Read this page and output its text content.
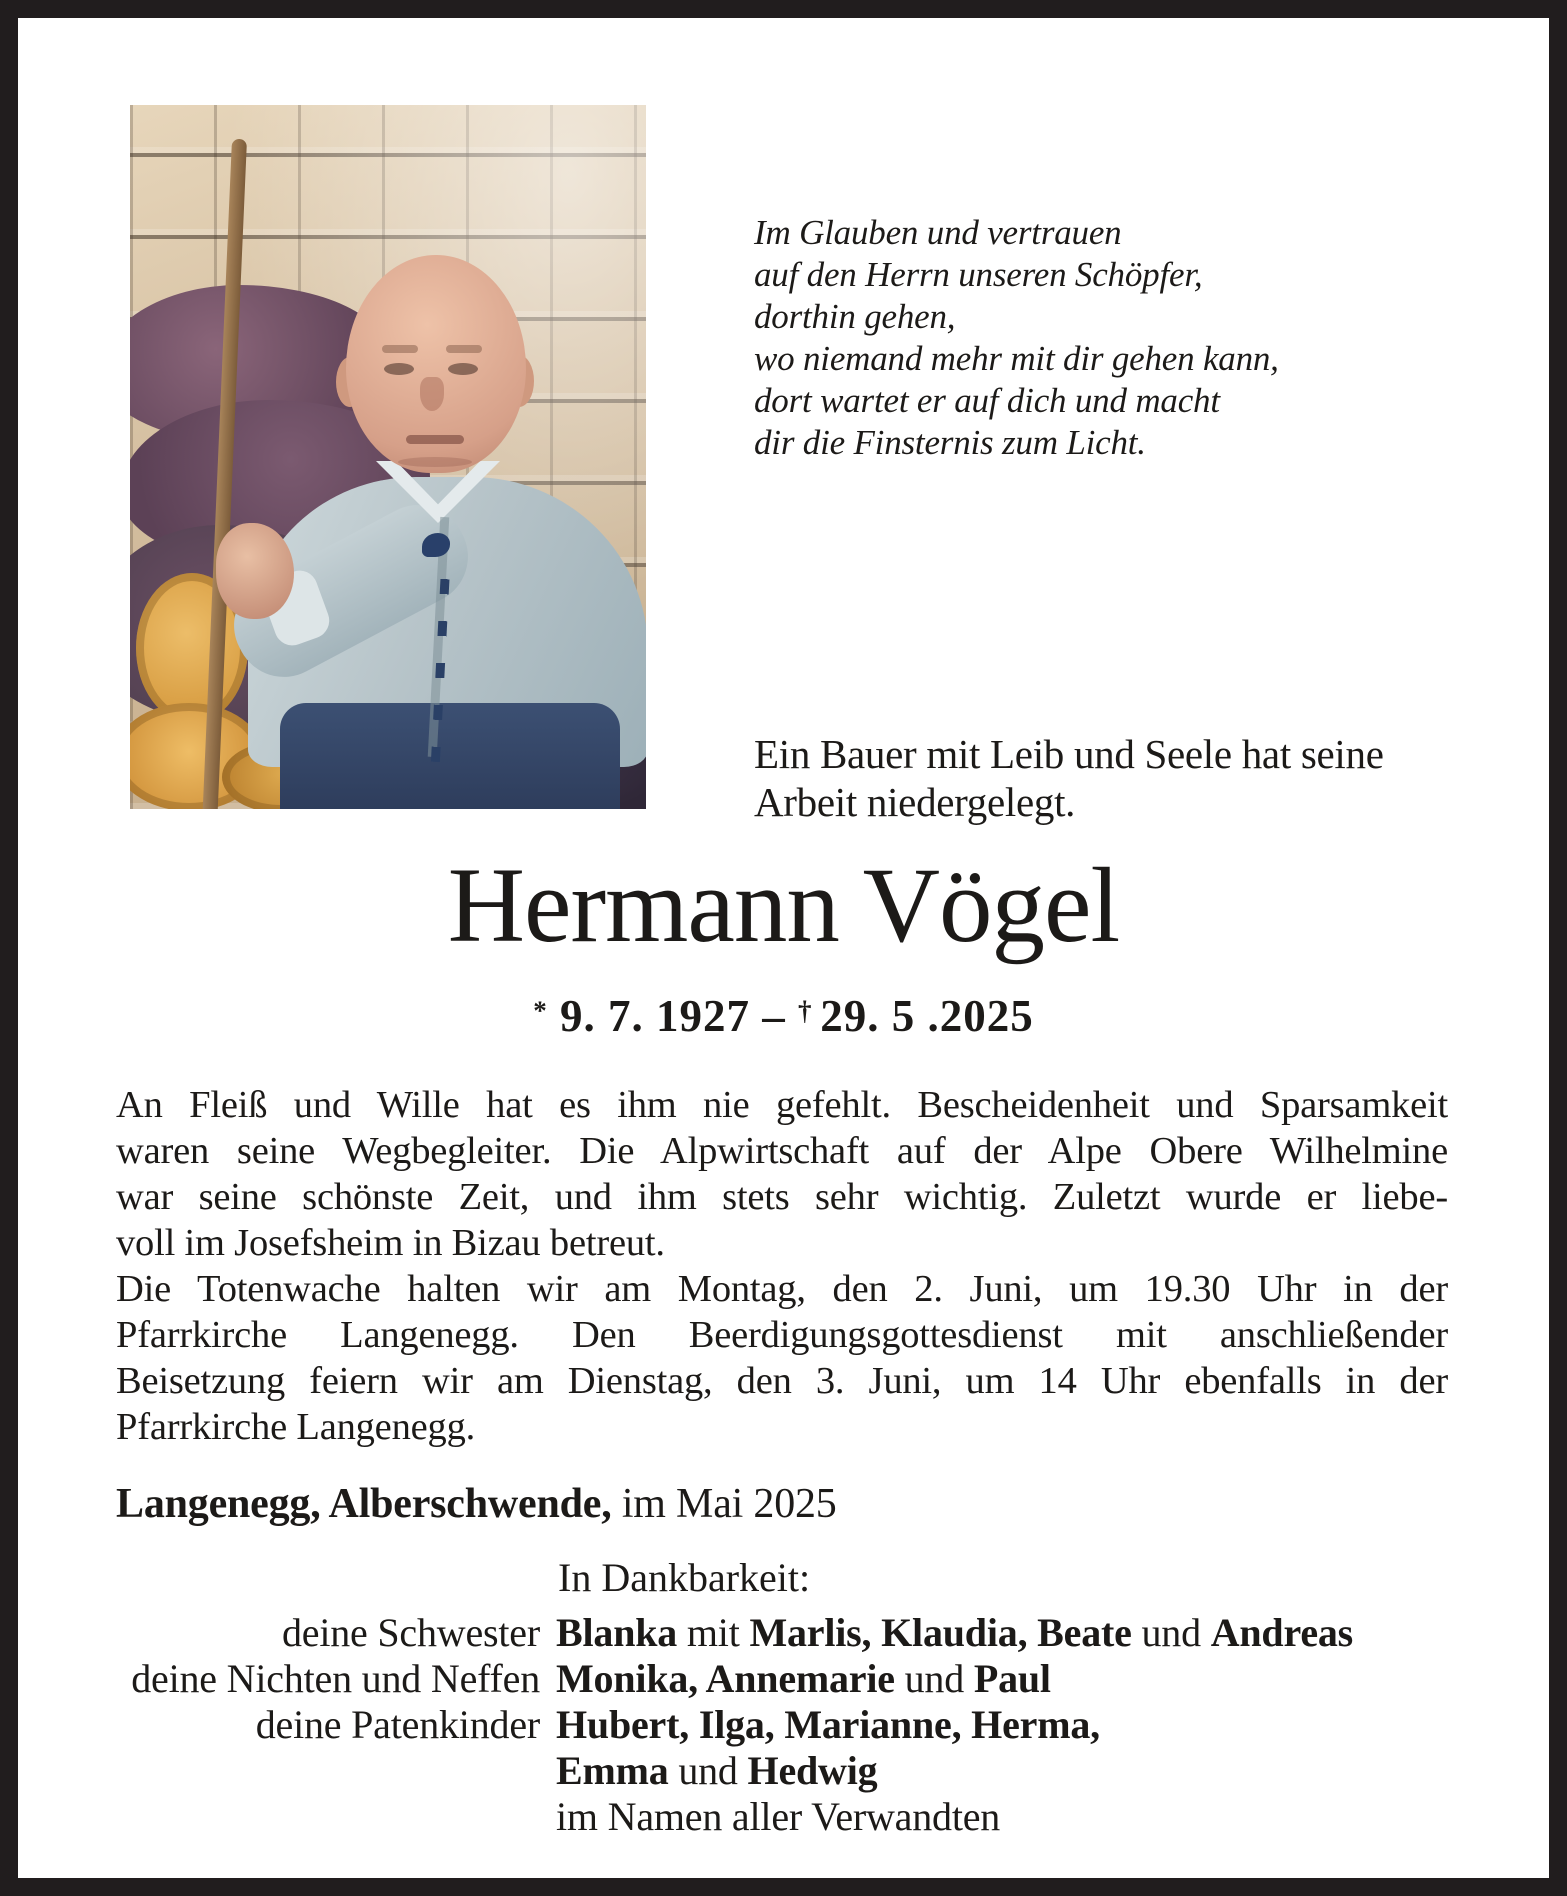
Im Glauben und vertrauen
auf den Herrn unseren Schöpfer,
dorthin gehen,
wo niemand mehr mit dir gehen kann,
dort wartet er auf dich und macht
dir die Finsternis zum Licht.
Ein Bauer mit Leib und Seele hat seine
Arbeit niedergelegt.
Hermann Vögel
* 9. 7. 1927 – † 29. 5 .2025
An Fleiß und Wille hat es ihm nie gefehlt. Bescheidenheit und Sparsamkeit
waren seine Wegbegleiter. Die Alpwirtschaft auf der Alpe Obere Wilhelmine
war seine schönste Zeit, und ihm stets sehr wichtig. Zuletzt wurde er liebe-
voll im Josefsheim in Bizau betreut.
Die Totenwache halten wir am Montag, den 2. Juni, um 19.30 Uhr in der
Pfarrkirche Langenegg. Den Beerdigungsgottesdienst mit anschließender
Beisetzung feiern wir am Dienstag, den 3. Juni, um 14 Uhr ebenfalls in der
Pfarrkirche Langenegg.
Langenegg, Alberschwende, im Mai 2025
In Dankbarkeit:
deine Schwester Blanka mit Marlis, Klaudia, Beate und Andreas
deine Nichten und Neffen Monika, Annemarie und Paul
deine Patenkinder Hubert, Ilga, Marianne, Herma,
Emma und Hedwig
im Namen aller Verwandten
